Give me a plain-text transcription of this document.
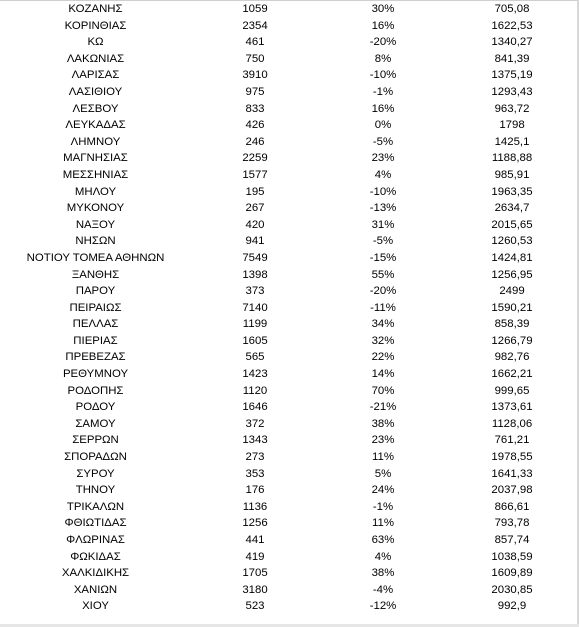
ΚΟΖΑΝΗΣ	1059	30%	705,08
ΚΟΡΙΝΘΙΑΣ	2354	16%	1622,53
ΚΩ	461	-20%	1340,27
ΛΑΚΩΝΙΑΣ	750	8%	841,39
ΛΑΡΙΣΑΣ	3910	-10%	1375,19
ΛΑΣΙΘΙΟΥ	975	-1%	1293,43
ΛΕΣΒΟΥ	833	16%	963,72
ΛΕΥΚΑΔΑΣ	426	0%	1798
ΛΗΜΝΟΥ	246	-5%	1425,1
ΜΑΓΝΗΣΙΑΣ	2259	23%	1188,88
ΜΕΣΣΗΝΙΑΣ	1577	4%	985,91
ΜΗΛΟΥ	195	-10%	1963,35
ΜΥΚΟΝΟΥ	267	-13%	2634,7
ΝΑΞΟΥ	420	31%	2015,65
ΝΗΣΩΝ	941	-5%	1260,53
ΝΟΤΙΟΥ ΤΟΜΕΑ ΑΘΗΝΩΝ	7549	-15%	1424,81
ΞΑΝΘΗΣ	1398	55%	1256,95
ΠΑΡΟΥ	373	-20%	2499
ΠΕΙΡΑΙΩΣ	7140	-11%	1590,21
ΠΕΛΛΑΣ	1199	34%	858,39
ΠΙΕΡΙΑΣ	1605	32%	1266,79
ΠΡΕΒΕΖΑΣ	565	22%	982,76
ΡΕΘΥΜΝΟΥ	1423	14%	1662,21
ΡΟΔΟΠΗΣ	1120	70%	999,65
ΡΟΔΟΥ	1646	-21%	1373,61
ΣΑΜΟΥ	372	38%	1128,06
ΣΕΡΡΩΝ	1343	23%	761,21
ΣΠΟΡΑΔΩΝ	273	11%	1978,55
ΣΥΡΟΥ	353	5%	1641,33
ΤΗΝΟΥ	176	24%	2037,98
ΤΡΙΚΑΛΩΝ	1136	-1%	866,61
ΦΘΙΩΤΙΔΑΣ	1256	11%	793,78
ΦΛΩΡΙΝΑΣ	441	63%	857,74
ΦΩΚΙΔΑΣ	419	4%	1038,59
ΧΑΛΚΙΔΙΚΗΣ	1705	38%	1609,89
ΧΑΝΙΩΝ	3180	-4%	2030,85
ΧΙΟΥ	523	-12%	992,9
